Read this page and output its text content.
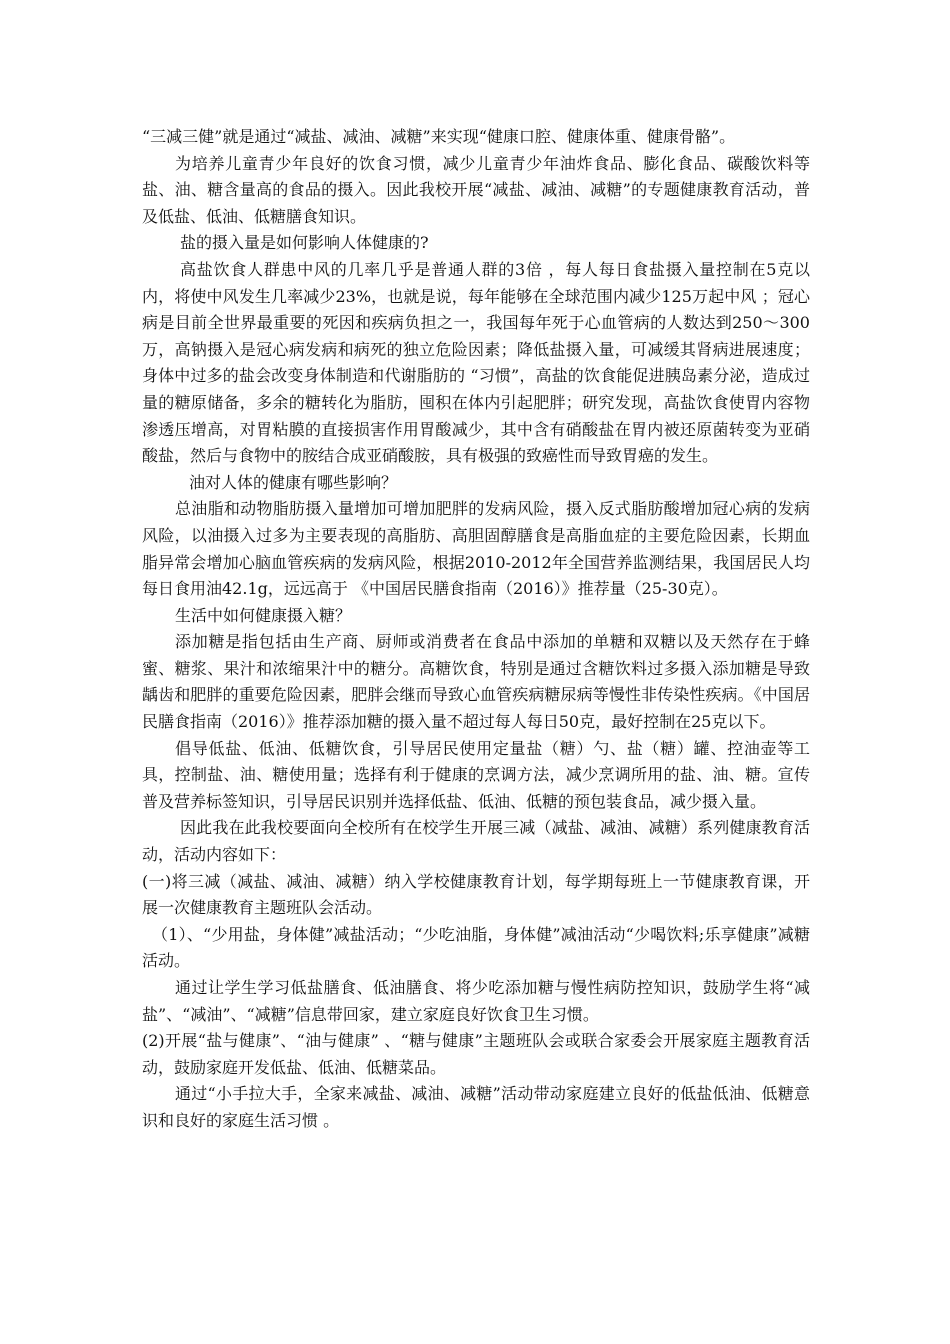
“三减三健”就是通过“减盐、减油、减糖”来实现“健康口腔、健康体重、健康骨骼”。

为培养儿童青少年良好的饮食习惯，减少儿童青少年油炸食品、膨化食品、碳酸饮料等盐、油、糖含量高的食品的摄入。因此我校开展“减盐、减油、减糖”的专题健康教育活动，普及低盐、低油、低糖膳食知识。

盐的摄入量是如何影响人体健康的?

高盐饮食人群患中风的几率几乎是普通人群的3倍 ，每人每日食盐摄入量控制在5克以内，将使中风发生几率减少23%，也就是说，每年能够在全球范围内减少125万起中风 ；冠心病是目前全世界最重要的死因和疾病负担之一，我国每年死于心血管病的人数达到250～300万，高钠摄入是冠心病发病和病死的独立危险因素；降低盐摄入量，可减缓其肾病进展速度；身体中过多的盐会改变身体制造和代谢脂肪的 “习惯”，高盐的饮食能促进胰岛素分泌，造成过量的糖原储备，多余的糖转化为脂肪，囤积在体内引起肥胖；研究发现，高盐饮食使胃内容物渗透压增高，对胃粘膜的直接损害作用胃酸减少，其中含有硝酸盐在胃内被还原菌转变为亚硝酸盐，然后与食物中的胺结合成亚硝酸胺，具有极强的致癌性而导致胃癌的发生。

油对人体的健康有哪些影响？

总油脂和动物脂肪摄入量增加可增加肥胖的发病风险，摄入反式脂肪酸增加冠心病的发病风险，以油摄入过多为主要表现的高脂肪、高胆固醇膳食是高脂血症的主要危险因素，长期血脂异常会增加心脑血管疾病的发病风险，根据2010-2012年全国营养监测结果，我国居民人均每日食用油42.1g，远远高于 《中国居民膳食指南（2016）》推荐量（25-30克）。

生活中如何健康摄入糖？

添加糖是指包括由生产商、厨师或消费者在食品中添加的单糖和双糖以及天然存在于蜂蜜、糖浆、果汁和浓缩果汁中的糖分。高糖饮食，特别是通过含糖饮料过多摄入添加糖是导致龋齿和肥胖的重要危险因素，肥胖会继而导致心血管疾病糖尿病等慢性非传染性疾病。《中国居民膳食指南（2016）》推荐添加糖的摄入量不超过每人每日50克，最好控制在25克以下。

倡导低盐、低油、低糖饮食，引导居民使用定量盐（糖）勺、盐（糖）罐、控油壶等工具，控制盐、油、糖使用量；选择有利于健康的烹调方法，减少烹调所用的盐、油、糖。宣传普及营养标签知识，引导居民识别并选择低盐、低油、低糖的预包装食品，减少摄入量。

因此我在此我校要面向全校所有在校学生开展三减（减盐、减油、减糖）系列健康教育活动，活动内容如下：

(一)将三减（减盐、减油、减糖）纳入学校健康教育计划，每学期每班上一节健康教育课，开展一次健康教育主题班队会活动。

（1）、“少用盐，身体健”减盐活动；“少吃油脂，身体健”减油活动“少喝饮料;乐享健康”减糖活动。

通过让学生学习低盐膳食、低油膳食、将少吃添加糖与慢性病防控知识，鼓励学生将“减盐”、“减油”、“减糖”信息带回家，建立家庭良好饮食卫生习惯。

(2)开展“盐与健康”、“油与健康” 、“糖与健康”主题班队会或联合家委会开展家庭主题教育活动，鼓励家庭开发低盐、低油、低糖菜品。

通过“小手拉大手，全家来减盐、减油、减糖”活动带动家庭建立良好的低盐低油、低糖意识和良好的家庭生活习惯 。
